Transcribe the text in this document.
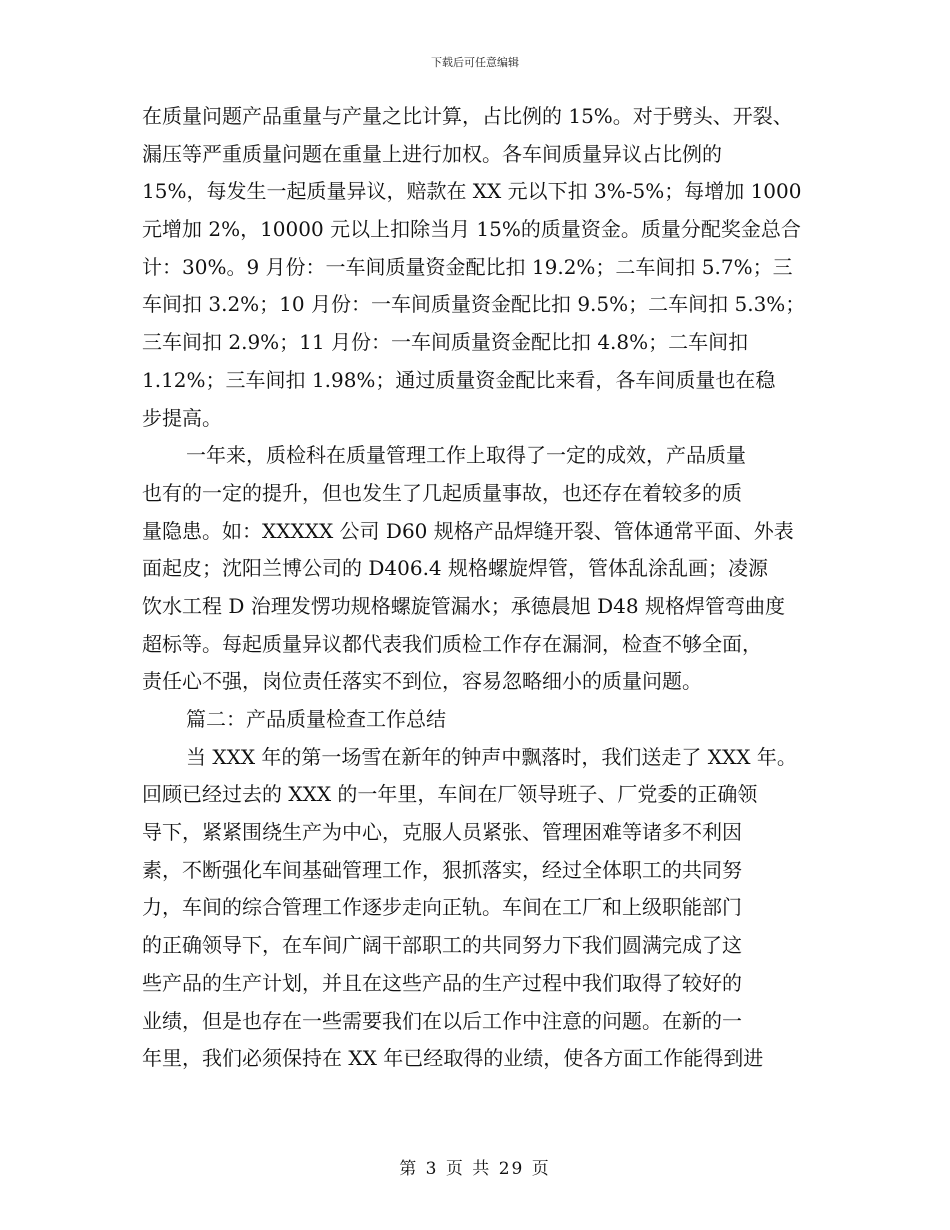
下载后可任意编辑
在质量问题产品重量与产量之比计算，占比例的 15%。对于劈头、开裂、
漏压等严重质量问题在重量上进行加权。各车间质量异议占比例的
15%，每发生一起质量异议，赔款在 XX 元以下扣 3%-5%；每增加 1000
元增加 2%，10000 元以上扣除当月 15%的质量资金。质量分配奖金总合
计：30%。9 月份：一车间质量资金配比扣 19.2%；二车间扣 5.7%；三
车间扣 3.2%；10 月份：一车间质量资金配比扣 9.5%；二车间扣 5.3%；
三车间扣 2.9%；11 月份：一车间质量资金配比扣 4.8%；二车间扣
1.12%；三车间扣 1.98%；通过质量资金配比来看，各车间质量也在稳
步提高。
一年来，质检科在质量管理工作上取得了一定的成效，产品质量
也有的一定的提升，但也发生了几起质量事故，也还存在着较多的质
量隐患。如：XXXXX 公司 D60 规格产品焊缝开裂、管体通常平面、外表
面起皮；沈阳兰博公司的 D406.4 规格螺旋焊管，管体乱涂乱画；凌源
饮水工程 D 治理发愣功规格螺旋管漏水；承德晨旭 D48 规格焊管弯曲度
超标等。每起质量异议都代表我们质检工作存在漏洞，检查不够全面，
责任心不强，岗位责任落实不到位，容易忽略细小的质量问题。
篇二：产品质量检查工作总结
当 XXX 年的第一场雪在新年的钟声中飘落时，我们送走了 XXX 年。
回顾已经过去的 XXX 的一年里，车间在厂领导班子、厂党委的正确领
导下，紧紧围绕生产为中心，克服人员紧张、管理困难等诸多不利因
素，不断强化车间基础管理工作，狠抓落实，经过全体职工的共同努
力，车间的综合管理工作逐步走向正轨。车间在工厂和上级职能部门
的正确领导下，在车间广阔干部职工的共同努力下我们圆满完成了这
些产品的生产计划，并且在这些产品的生产过程中我们取得了较好的
业绩，但是也存在一些需要我们在以后工作中注意的问题。在新的一
年里，我们必须保持在 XX 年已经取得的业绩，使各方面工作能得到进
第 3 页 共 29 页
